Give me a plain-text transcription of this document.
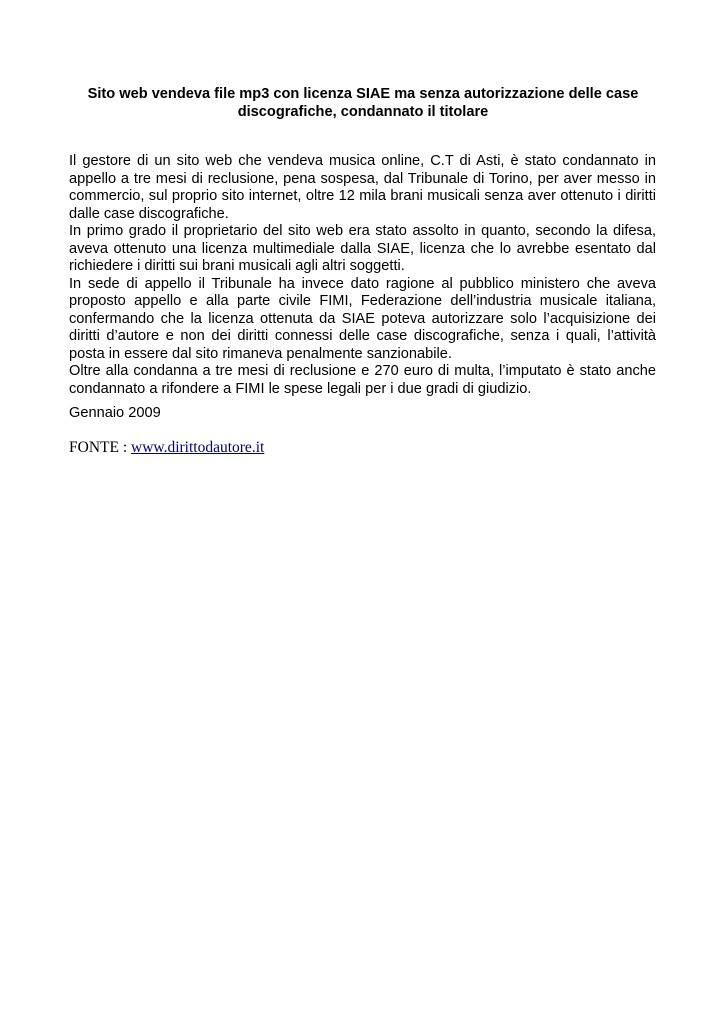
Sito web vendeva file mp3 con licenza SIAE ma senza autorizzazione delle case discografiche, condannato il titolare

Il gestore di un sito web che vendeva musica online, C.T di Asti, è stato condannato in appello a tre mesi di reclusione, pena sospesa, dal Tribunale di Torino, per aver messo in commercio, sul proprio sito internet, oltre 12 mila brani musicali senza aver ottenuto i diritti dalle case discografiche.

In primo grado il proprietario del sito web era stato assolto in quanto, secondo la difesa, aveva ottenuto una licenza multimediale dalla SIAE, licenza che lo avrebbe esentato dal richiedere i diritti sui brani musicali agli altri soggetti.

In sede di appello il Tribunale ha invece dato ragione al pubblico ministero che aveva proposto appello e alla parte civile FIMI, Federazione dell’industria musicale italiana, confermando che la licenza ottenuta da SIAE poteva autorizzare solo l’acquisizione dei diritti d’autore e non dei diritti connessi delle case discografiche, senza i quali, l’attività posta in essere dal sito rimaneva penalmente sanzionabile.

Oltre alla condanna a tre mesi di reclusione e 270 euro di multa, l’imputato è stato anche condannato a rifondere a FIMI le spese legali per i due gradi di giudizio.

Gennaio 2009

FONTE : www.dirittodautore.it
